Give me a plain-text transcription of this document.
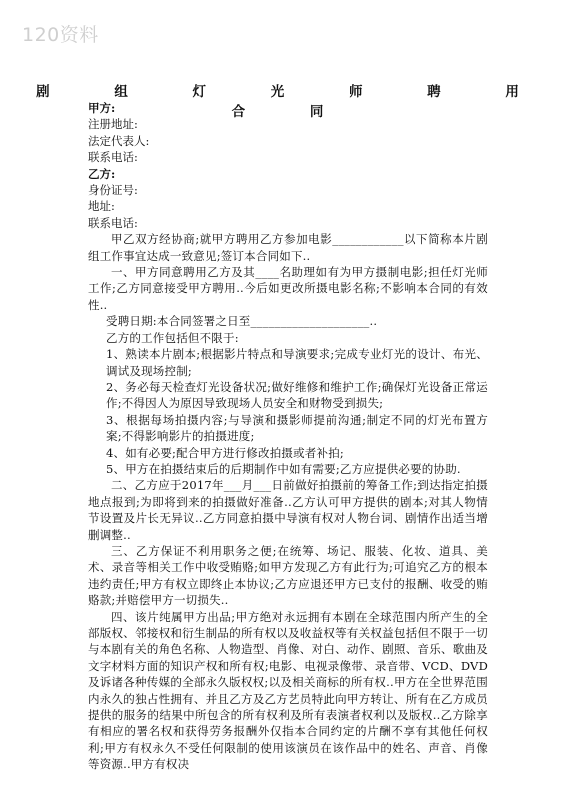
120资料
剧 组 灯 光 师 聘 用 合 同
甲方:
注册地址:
法定代表人:
联系电话:
乙方:
身份证号:
地址:
联系电话:
甲乙双方经协商;就甲方聘用乙方参加电影____________以下简称本片剧组工作事宜达成一致意见;签订本合同如下..
一、甲方同意聘用乙方及其____名助理如有为甲方摄制电影;担任灯光师工作;乙方同意接受甲方聘用..今后如更改所摄电影名称;不影响本合同的有效性..
受聘日期:本合同签署之日至____________________..
乙方的工作包括但不限于:
1、熟读本片剧本;根据影片特点和导演要求;完成专业灯光的设计、布光、调试及现场控制;
2、务必每天检查灯光设备状况;做好维修和维护工作;确保灯光设备正常运作;不得因人为原因导致现场人员安全和财物受到损失;
3、根据每场拍摄内容;与导演和摄影师提前沟通;制定不同的灯光布置方案;不得影响影片的拍摄进度;
4、如有必要;配合甲方进行修改拍摄或者补拍;
5、甲方在拍摄结束后的后期制作中如有需要;乙方应提供必要的协助.
二、乙方应于2017年___月___日前做好拍摄前的筹备工作;到达指定拍摄地点报到;为即将到来的拍摄做好准备..乙方认可甲方提供的剧本;对其人物情节设置及片长无异议..乙方同意拍摄中导演有权对人物台词、剧情作出适当增删调整..
三、乙方保证不利用职务之便;在统筹、场记、服装、化妆、道具、美术、录音等相关工作中收受贿赂;如甲方发现乙方有此行为;可追究乙方的根本违约责任;甲方有权立即终止本协议;乙方应退还甲方已支付的报酬、收受的贿赂款;并赔偿甲方一切损失..
四、该片纯属甲方出品;甲方绝对永远拥有本剧在全球范围内所产生的全部版权、邻接权和衍生制品的所有权以及收益权等有关权益包括但不限于一切与本剧有关的角色名称、人物造型、肖像、对白、动作、剧照、音乐、歌曲及文字材料方面的知识产权和所有权;电影、电视录像带、录音带、VCD、DVD及诉诸各种传媒的全部永久版权权;以及相关商标的所有权..甲方在全世界范围内永久的独占性拥有、并且乙方及乙方艺员特此向甲方转让、所有在乙方成员提供的服务的结果中所包含的所有权利及所有表演者权利以及版权..乙方除享有相应的署名权和获得劳务报酬外仅指本合同约定的片酬不享有其他任何权利;甲方有权永久不受任何限制的使用该演员在该作品中的姓名、声音、肖像等资源..甲方有权决
